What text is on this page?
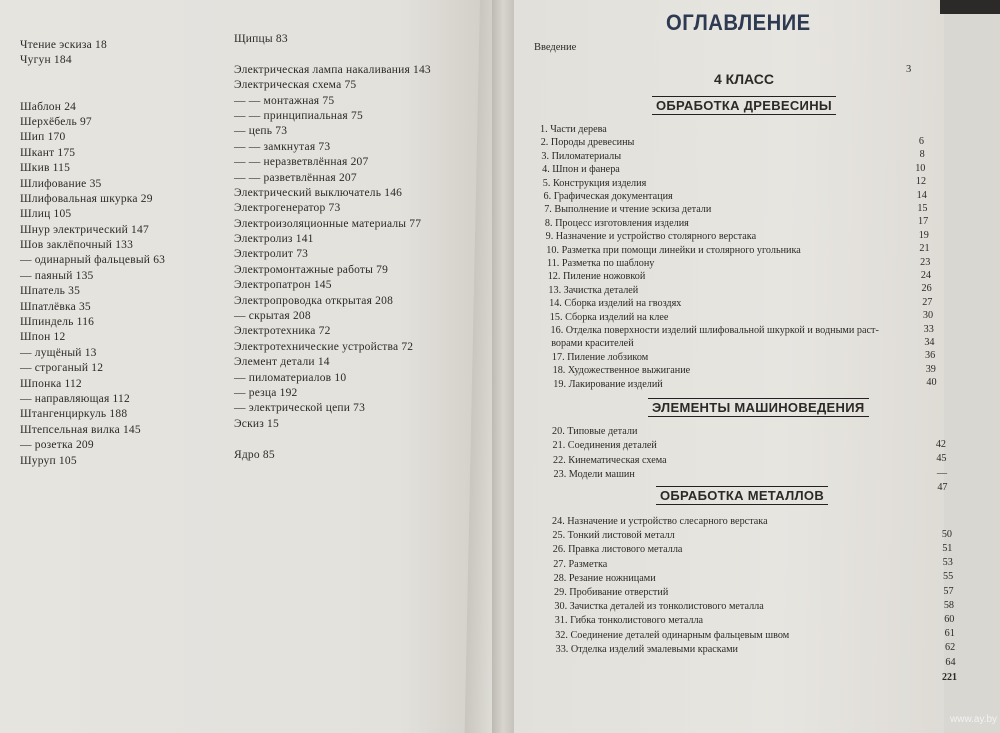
Чтение эскиза 18
Чугун 184
Шаблон 24
Шерхёбель 97
Шип 170
Шкант 175
Шкив 115
Шлифование 35
Шлифовальная шкурка 29
Шлиц 105
Шнур электрический 147
Шов заклёпочный 133
— одинарный фальцевый 63
— паяный 135
Шпатель 35
Шпатлёвка 35
Шпиндель 116
Шпон 12
— лущёный 13
— строганый 12
Шпонка 112
— направляющая 112
Штангенциркуль 188
Штепсельная вилка 145
— розетка 209
Шуруп 105
Щипцы 83
Электрическая лампа накаливания 143
Электрическая схема 75
— — монтажная 75
— — принципиальная 75
— цепь 73
— — замкнутая 73
— — неразветвлённая 207
— — разветвлённая 207
Электрический выключатель 146
Электрогенератор 73
Электроизоляционные материалы 77
Электролиз 141
Электролит 73
Электромонтажные работы 79
Электропатрон 145
Электропроводка открытая 208
— скрытая 208
Электротехника 72
Электротехнические устройства 72
Элемент детали 14
— пиломатериалов 10
— резца 192
— электрической цепи 73
Эскиз 15
Ядро 85
ОГЛАВЛЕНИЕ
Введение
3
4 КЛАСС
ОБРАБОТКА ДРЕВЕСИНЫ
1. Части дерева
2. Породы древесины
3. Пиломатериалы
4. Шпон и фанера
5. Конструкция изделия
6. Графическая документация
7. Выполнение и чтение эскиза детали
8. Процесс изготовления изделия
9. Назначение и устройство столярного верстака
10. Разметка при помощи линейки и столярного угольника
11. Разметка по шаблону
12. Пиление ножовкой
13. Зачистка деталей
14. Сборка изделий на гвоздях
15. Сборка изделий на клее
16. Отделка поверхности изделий шлифовальной шкуркой и водными раст-
ворами красителей
17. Пиление лобзиком
18. Художественное выжигание
19. Лакирование изделий
6
8
10
12
14
15
17
19
21
23
24
26
27
30
33
34
36
39
40
ЭЛЕМЕНТЫ МАШИНОВЕДЕНИЯ
20. Типовые детали
21. Соединения деталей
22. Кинематическая схема
23. Модели машин
42
45
—
47
ОБРАБОТКА МЕТАЛЛОВ
24. Назначение и устройство слесарного верстака
25. Тонкий листовой металл
26. Правка листового металла
27. Разметка
28. Резание ножницами
29. Пробивание отверстий
30. Зачистка деталей из тонколистового металла
31. Гибка тонколистового металла
32. Соединение деталей одинарным фальцевым швом
33. Отделка изделий эмалевыми красками
50
51
53
55
57
58
60
61
62
64
221
www.ay.by
